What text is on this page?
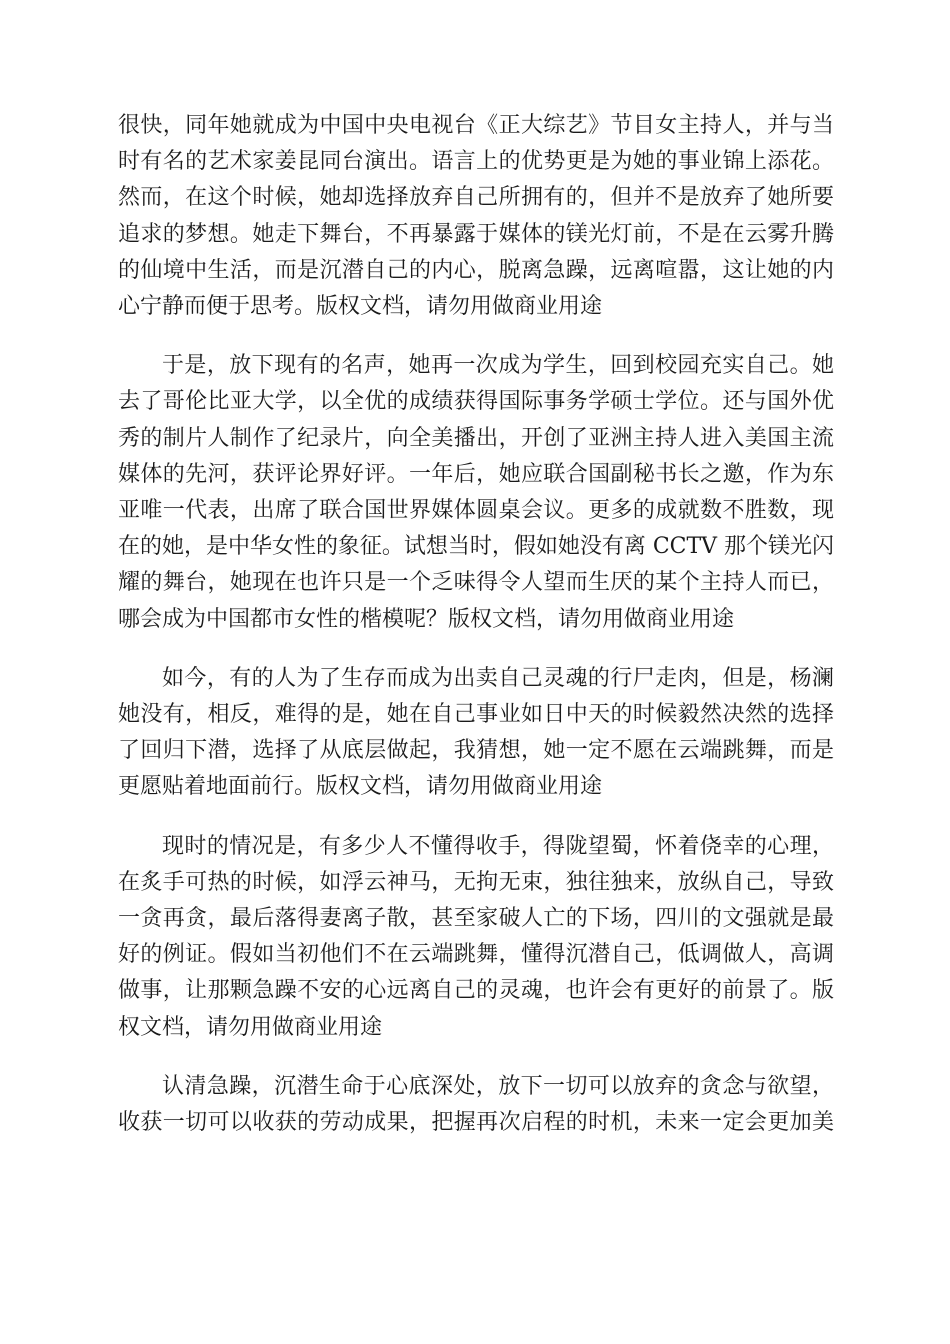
很快，同年她就成为中国中央电视台《正大综艺》节目女主持人，并与当
时有名的艺术家姜昆同台演出。语言上的优势更是为她的事业锦上添花。
然而，在这个时候，她却选择放弃自己所拥有的，但并不是放弃了她所要
追求的梦想。她走下舞台，不再暴露于媒体的镁光灯前，不是在云雾升腾
的仙境中生活，而是沉潜自己的内心，脱离急躁，远离喧嚣，这让她的内
心宁静而便于思考。版权文档，请勿用做商业用途

于是，放下现有的名声，她再一次成为学生，回到校园充实自己。她
去了哥伦比亚大学，以全优的成绩获得国际事务学硕士学位。还与国外优
秀的制片人制作了纪录片，向全美播出，开创了亚洲主持人进入美国主流
媒体的先河，获评论界好评。一年后，她应联合国副秘书长之邀，作为东
亚唯一代表，出席了联合国世界媒体圆桌会议。更多的成就数不胜数，现
在的她，是中华女性的象征。试想当时，假如她没有离 CCTV 那个镁光闪
耀的舞台，她现在也许只是一个乏味得令人望而生厌的某个主持人而已，
哪会成为中国都市女性的楷模呢？版权文档，请勿用做商业用途

如今，有的人为了生存而成为出卖自己灵魂的行尸走肉，但是，杨澜
她没有，相反，难得的是，她在自己事业如日中天的时候毅然决然的选择
了回归下潜，选择了从底层做起，我猜想，她一定不愿在云端跳舞，而是
更愿贴着地面前行。版权文档，请勿用做商业用途

现时的情况是，有多少人不懂得收手，得陇望蜀，怀着侥幸的心理，
在炙手可热的时候，如浮云神马，无拘无束，独往独来，放纵自己，导致
一贪再贪，最后落得妻离子散，甚至家破人亡的下场，四川的文强就是最
好的例证。假如当初他们不在云端跳舞，懂得沉潜自己，低调做人，高调
做事，让那颗急躁不安的心远离自己的灵魂，也许会有更好的前景了。版
权文档，请勿用做商业用途

认清急躁，沉潜生命于心底深处，放下一切可以放弃的贪念与欲望，
收获一切可以收获的劳动成果，把握再次启程的时机，未来一定会更加美
